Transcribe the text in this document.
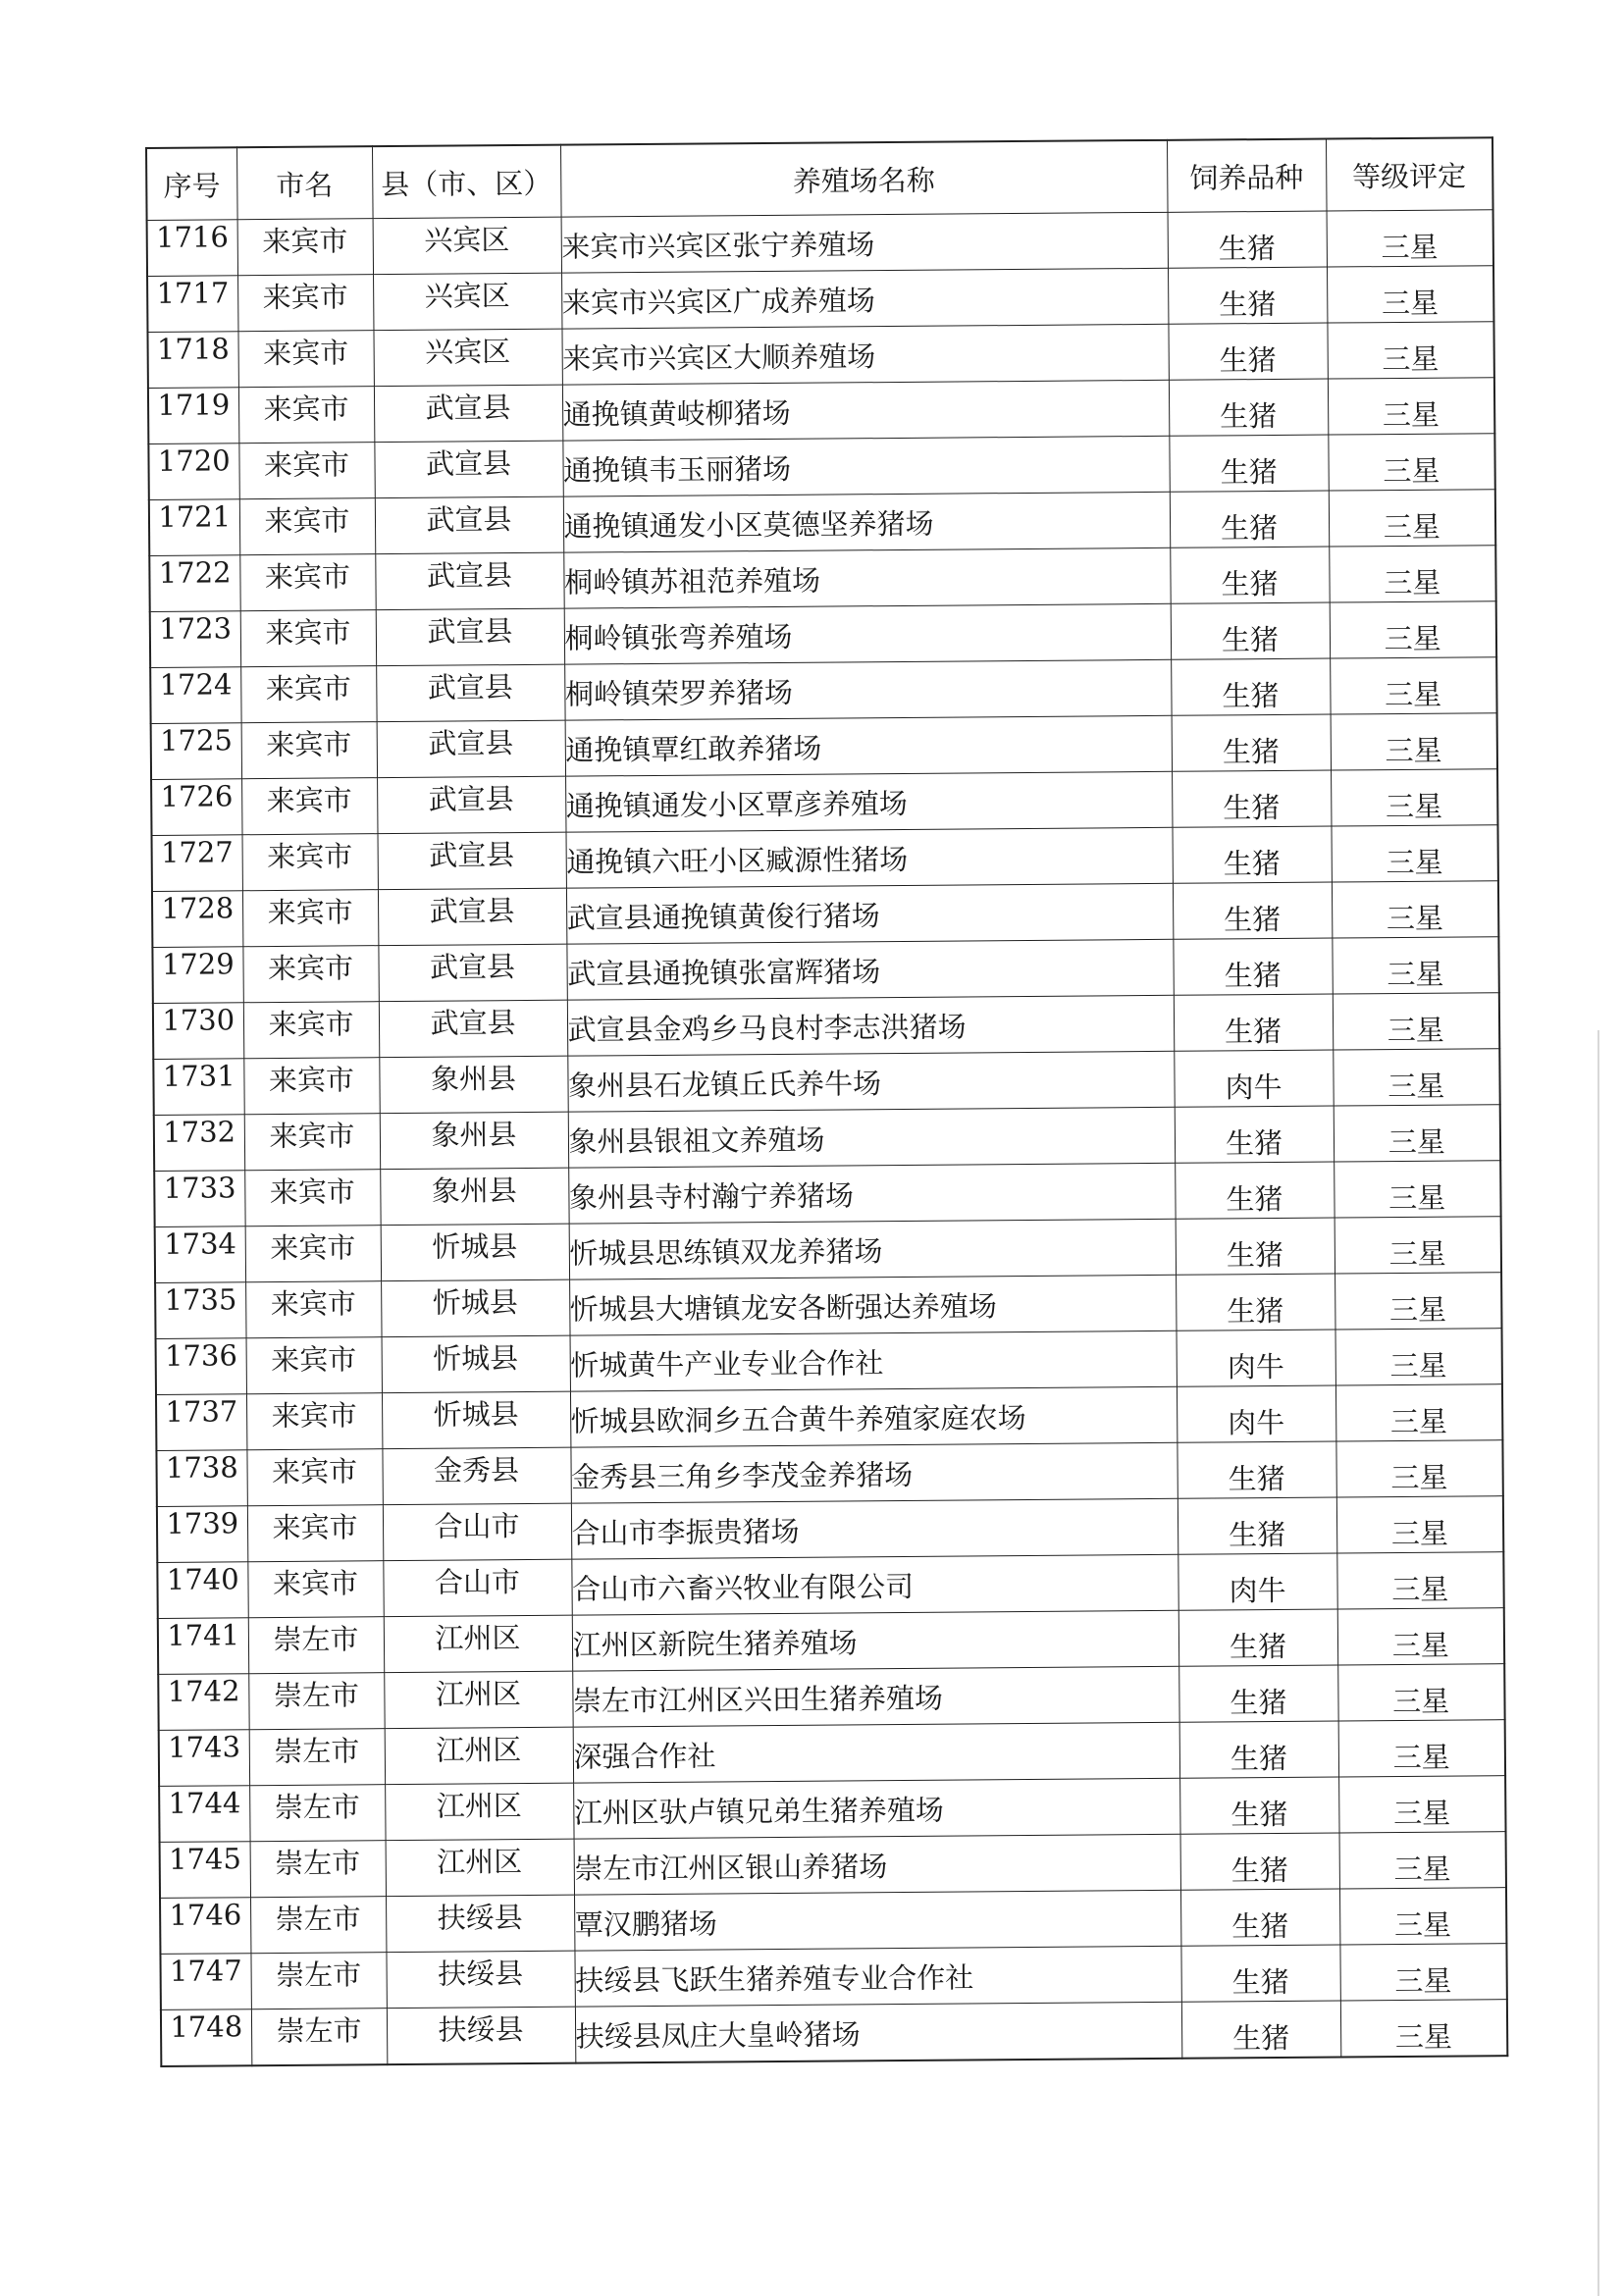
序号	市名	县（市、区）	养殖场名称	饲养品种	等级评定
1716	来宾市	兴宾区	来宾市兴宾区张宁养殖场	生猪	三星
1717	来宾市	兴宾区	来宾市兴宾区广成养殖场	生猪	三星
1718	来宾市	兴宾区	来宾市兴宾区大顺养殖场	生猪	三星
1719	来宾市	武宣县	通挽镇黄岐柳猪场	生猪	三星
1720	来宾市	武宣县	通挽镇韦玉丽猪场	生猪	三星
1721	来宾市	武宣县	通挽镇通发小区莫德坚养猪场	生猪	三星
1722	来宾市	武宣县	桐岭镇苏祖范养殖场	生猪	三星
1723	来宾市	武宣县	桐岭镇张弯养殖场	生猪	三星
1724	来宾市	武宣县	桐岭镇荣罗养猪场	生猪	三星
1725	来宾市	武宣县	通挽镇覃红敢养猪场	生猪	三星
1726	来宾市	武宣县	通挽镇通发小区覃彦养殖场	生猪	三星
1727	来宾市	武宣县	通挽镇六旺小区臧源性猪场	生猪	三星
1728	来宾市	武宣县	武宣县通挽镇黄俊行猪场	生猪	三星
1729	来宾市	武宣县	武宣县通挽镇张富辉猪场	生猪	三星
1730	来宾市	武宣县	武宣县金鸡乡马良村李志洪猪场	生猪	三星
1731	来宾市	象州县	象州县石龙镇丘氏养牛场	肉牛	三星
1732	来宾市	象州县	象州县银祖文养殖场	生猪	三星
1733	来宾市	象州县	象州县寺村瀚宁养猪场	生猪	三星
1734	来宾市	忻城县	忻城县思练镇双龙养猪场	生猪	三星
1735	来宾市	忻城县	忻城县大塘镇龙安各断强达养殖场	生猪	三星
1736	来宾市	忻城县	忻城黄牛产业专业合作社	肉牛	三星
1737	来宾市	忻城县	忻城县欧洞乡五合黄牛养殖家庭农场	肉牛	三星
1738	来宾市	金秀县	金秀县三角乡李茂金养猪场	生猪	三星
1739	来宾市	合山市	合山市李振贵猪场	生猪	三星
1740	来宾市	合山市	合山市六畜兴牧业有限公司	肉牛	三星
1741	崇左市	江州区	江州区新院生猪养殖场	生猪	三星
1742	崇左市	江州区	崇左市江州区兴田生猪养殖场	生猪	三星
1743	崇左市	江州区	深强合作社	生猪	三星
1744	崇左市	江州区	江州区驮卢镇兄弟生猪养殖场	生猪	三星
1745	崇左市	江州区	崇左市江州区银山养猪场	生猪	三星
1746	崇左市	扶绥县	覃汉鹏猪场	生猪	三星
1747	崇左市	扶绥县	扶绥县飞跃生猪养殖专业合作社	生猪	三星
1748	崇左市	扶绥县	扶绥县凤庄大皇岭猪场	生猪	三星
